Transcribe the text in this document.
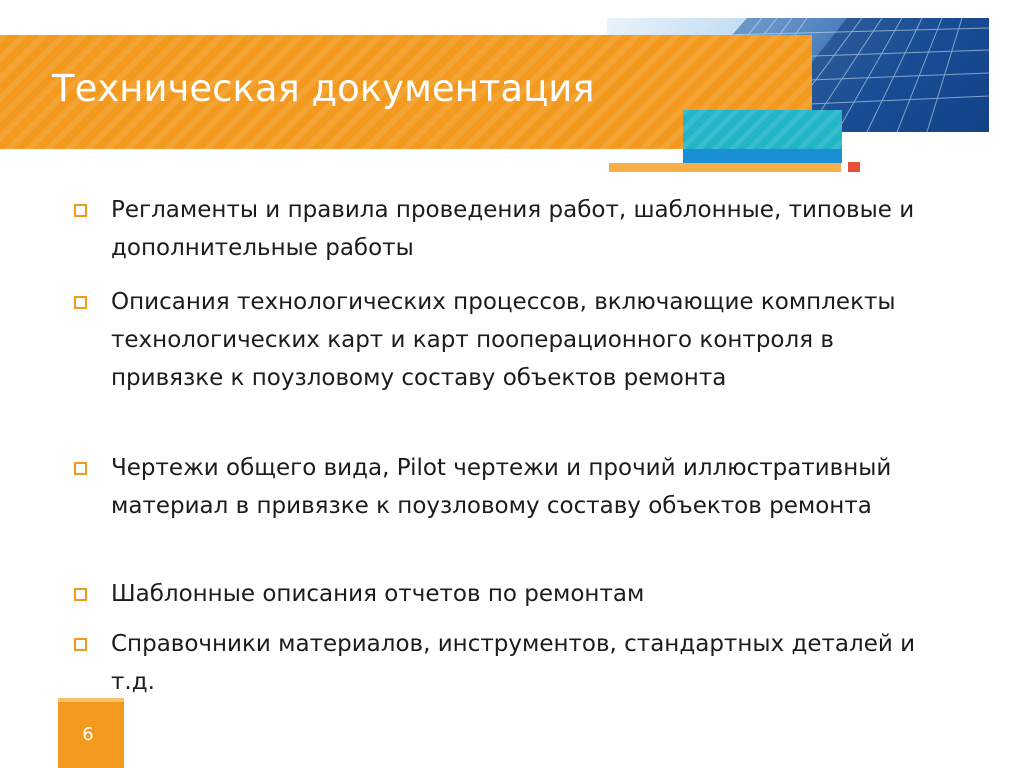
Техническая документация
Регламенты и правила проведения работ, шаблонные, типовые и дополнительные работы
Описания технологических процессов, включающие комплекты технологических карт и карт пооперационного контроля в привязке к поузловому составу объектов ремонта
Чертежи общего вида, Pilot чертежи и прочий иллюстративный материал в привязке к поузловому составу объектов ремонта
Шаблонные описания отчетов по ремонтам
Справочники материалов, инструментов, стандартных деталей и т.д.
6
